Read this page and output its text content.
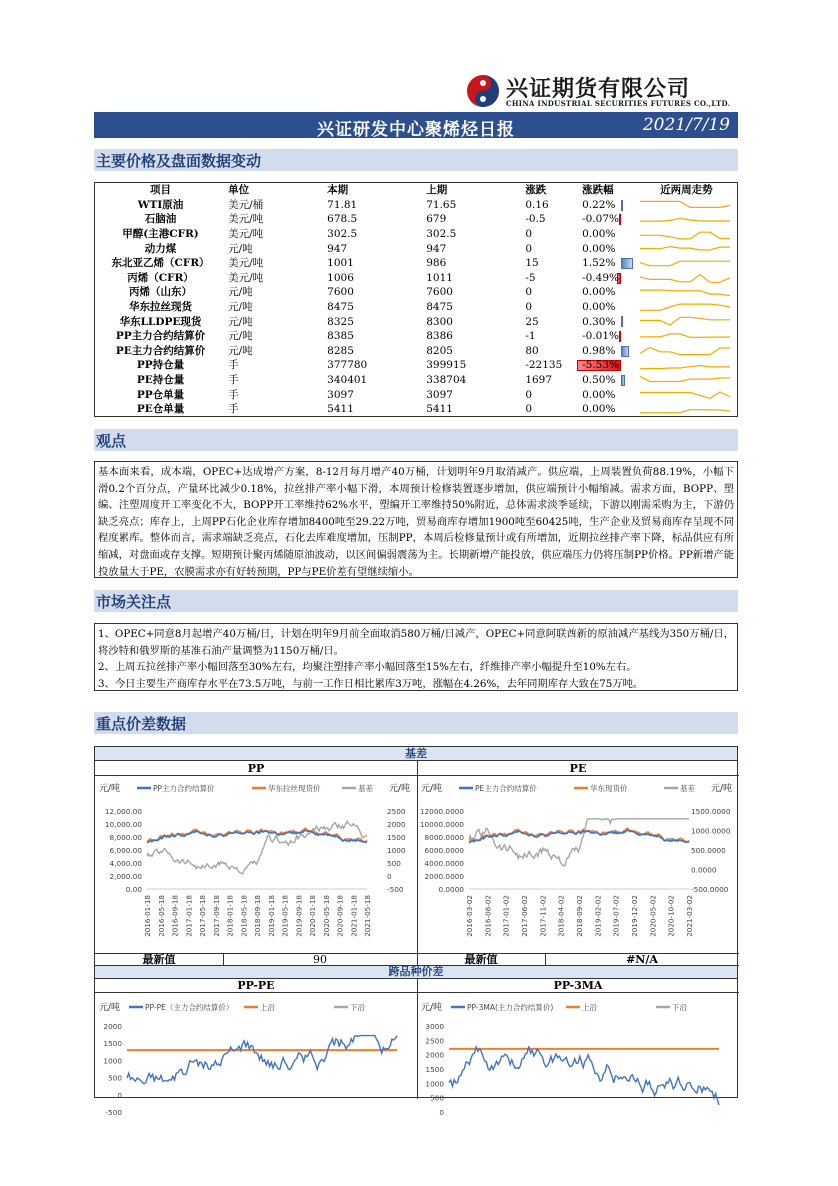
兴证期货有限公司
CHINA INDUSTRIAL SECURITIES FUTURES CO.,LTD.
兴证研发中心聚烯烃日报	2021/7/19
主要价格及盘面数据变动
项目	单位	本期	上期	涨跌	涨跌幅	近两周走势
WTI原油	美元/桶	71.81	71.65	0.16	0.22%	

石脑油	美元/吨	678.5	679	-0.5	-0.07%	

甲醇(主港CFR)	美元/吨	302.5	302.5	0	0.00%	

动力煤	元/吨	947	947	0	0.00%	

东北亚乙烯（CFR）	美元/吨	1001	986	15	1.52%	

丙烯（CFR）	美元/吨	1006	1011	-5	-0.49%	

丙烯（山东）	元/吨	7600	7600	0	0.00%	

华东拉丝现货	元/吨	8475	8475	0	0.00%	

华东LLDPE现货	元/吨	8325	8300	25	0.30%	

PP主力合约结算价	元/吨	8385	8386	-1	-0.01%	

PE主力合约结算价	元/吨	8285	8205	80	0.98%	

PP持仓量	手	377780	399915	-22135	-5.53%	

PE持仓量	手	340401	338704	1697	0.50%	

PP仓单量	手	3097	3097	0	0.00%	

PE仓单量	手	5411	5411	0	0.00%	
观点

基本面来看，成本端，OPEC+达成增产方案，8-12月每月增产40万桶，计划明年9月取消减产。供应端，上周装置负荷88.19%，小幅下滑0.2个百分点，产量环比减少0.18%，拉丝排产率小幅下滑，本周预计检修装置逐步增加，供应端预计小幅缩减。需求方面，BOPP、塑编、注塑周度开工率变化不大，BOPP开工率维持62%水平，塑编开工率维持50%附近，总体需求淡季延续，下游以刚需采购为主，下游仍缺乏亮点；库存上，上周PP石化企业库存增加8400吨至29.22万吨，贸易商库存增加1900吨至60425吨，生产企业及贸易商库存呈现不同程度累库。整体而言，需求端缺乏亮点，石化去库难度增加，压制PP，本周后检修量预计或有所增加，近期拉丝排产率下降，标品供应有所缩减，对盘面或存支撑。短期预计聚丙烯随原油波动，以区间偏弱震荡为主。长期新增产能投放，供应端压力仍将压制PP价格。PP新增产能投放量大于PE，农膜需求亦有好转预期，PP与PE价差有望继续缩小。

市场关注点

1、OPEC+同意8月起增产40万桶/日，计划在明年9月前全面取消580万桶/日减产，OPEC+同意阿联酋新的原油减产基线为350万桶/日，将沙特和俄罗斯的基准石油产量调整为1150万桶/日。

2、上周五拉丝排产率小幅回落至30%左右，均聚注塑排产率小幅回落至15%左右，纤维排产率小幅提升至10%左右。

3、今日主要生产商库存水平在73.5万吨，与前一工作日相比累库3万吨，涨幅在4.26%，去年同期库存大致在75万吨。

重点价差数据
基差
PP	PE
元/吨	元/吨
PP主力合约结算价	华东拉丝现货价	基差
12,000.00
10,000.00
8,000.00
6,000.00
4,000.00
2,000.00
0.00
2500
2000
1500
1000
500
0
-500
2016-01-18 2016-05-18 2016-09-18 2017-01-18 2017-05-18 2017-09-18 2018-01-18 2018-05-18 2018-09-18 2019-01-18 2019-05-18 2019-09-18 2020-01-18 2020-05-18 2020-09-18 2021-01-18 2021-05-18
元/吨	元/吨
PE主力合约结算价	华东现货价	基差
12000.0000
10000.0000
8000.0000
6000.0000
4000.0000
2000.0000
0.0000
1500.0000
1000.0000
500.0000
0.0000
-500.0000
2016-03-02 2016-08-02 2017-01-02 2017-06-02 2017-11-02 2018-04-02 2018-09-02 2019-02-02 2019-07-02 2019-12-02 2020-05-02 2020-10-02 2021-03-02
最新值	90	最新值	#N/A
跨品种价差
PP-PE	PP-3MA
元/吨	PP-PE（主力合约结算价）	上沿	下沿
2000
1500
1000
500
0
-500
元/吨	PP-3MA(主力合约结算价)	上沿	下沿
3000
2500
2000
1500
1000
500
0
